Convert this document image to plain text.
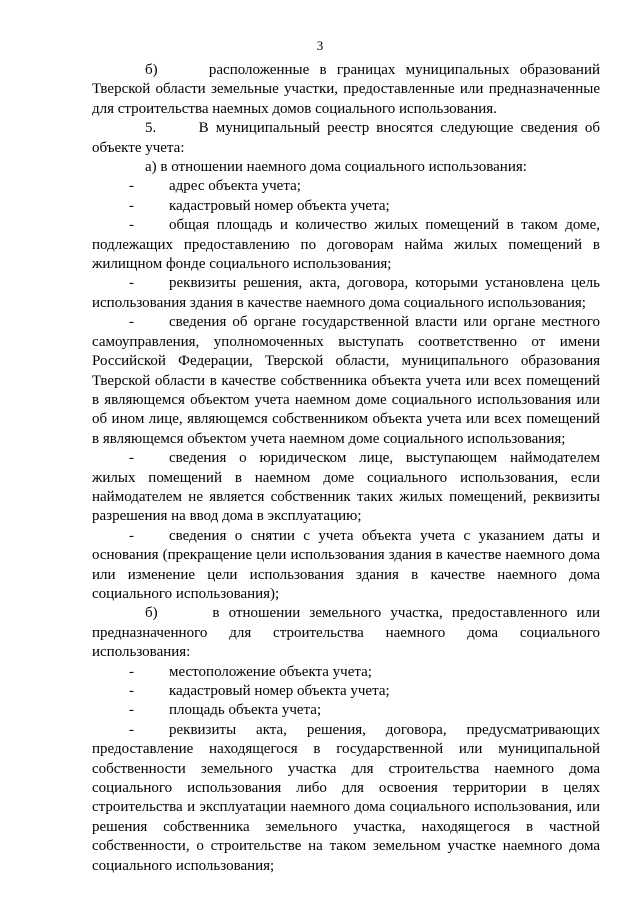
3

б)     расположенные в границах муниципальных образований Тверской области земельные участки, предоставленные или предназначенные для строительства наемных домов социального использования.

5.      В муниципальный реестр вносятся следующие сведения об объекте учета:

а) в отношении наемного дома социального использования:

-	адрес объекта учета;
-	кадастровый номер объекта учета;

- общая площадь и количество жилых помещений в таком доме, подлежащих предоставлению по договорам найма жилых помещений в жилищном фонде социального использования;

- реквизиты решения, акта, договора, которыми установлена цель использования здания в качестве наемного дома социального использования;

- сведения об органе государственной власти или органе местного самоуправления, уполномоченных выступать соответственно от имени Российской Федерации, Тверской области, муниципального образования Тверской области в качестве собственника объекта учета или всех помещений в являющемся объектом учета наемном доме социального использования или об ином лице, являющемся собственником объекта учета или всех помещений в являющемся объектом учета наемном доме социального использования;

- сведения о юридическом лице, выступающем наймодателем жилых помещений в наемном доме социального использования, если наймодателем не является собственник таких жилых помещений, реквизиты разрешения на ввод дома в эксплуатацию;

- сведения о снятии с учета объекта учета с указанием даты и основания (прекращение цели использования здания в качестве наемного дома или изменение цели использования здания в качестве наемного дома социального использования);

б)      в отношении земельного участка, предоставленного или предназначенного для строительства наемного дома социального использования:

-	местоположение объекта учета;
-	кадастровый номер объекта учета;
-	площадь объекта учета;

- реквизиты акта, решения, договора, предусматривающих предоставление находящегося в государственной или муниципальной собственности земельного участка для строительства наемного дома социального использования либо для освоения территории в целях строительства и эксплуатации наемного дома социального использования, или решения собственника земельного участка, находящегося в частной собственности, о строительстве на таком земельном участке наемного дома социального использования;
